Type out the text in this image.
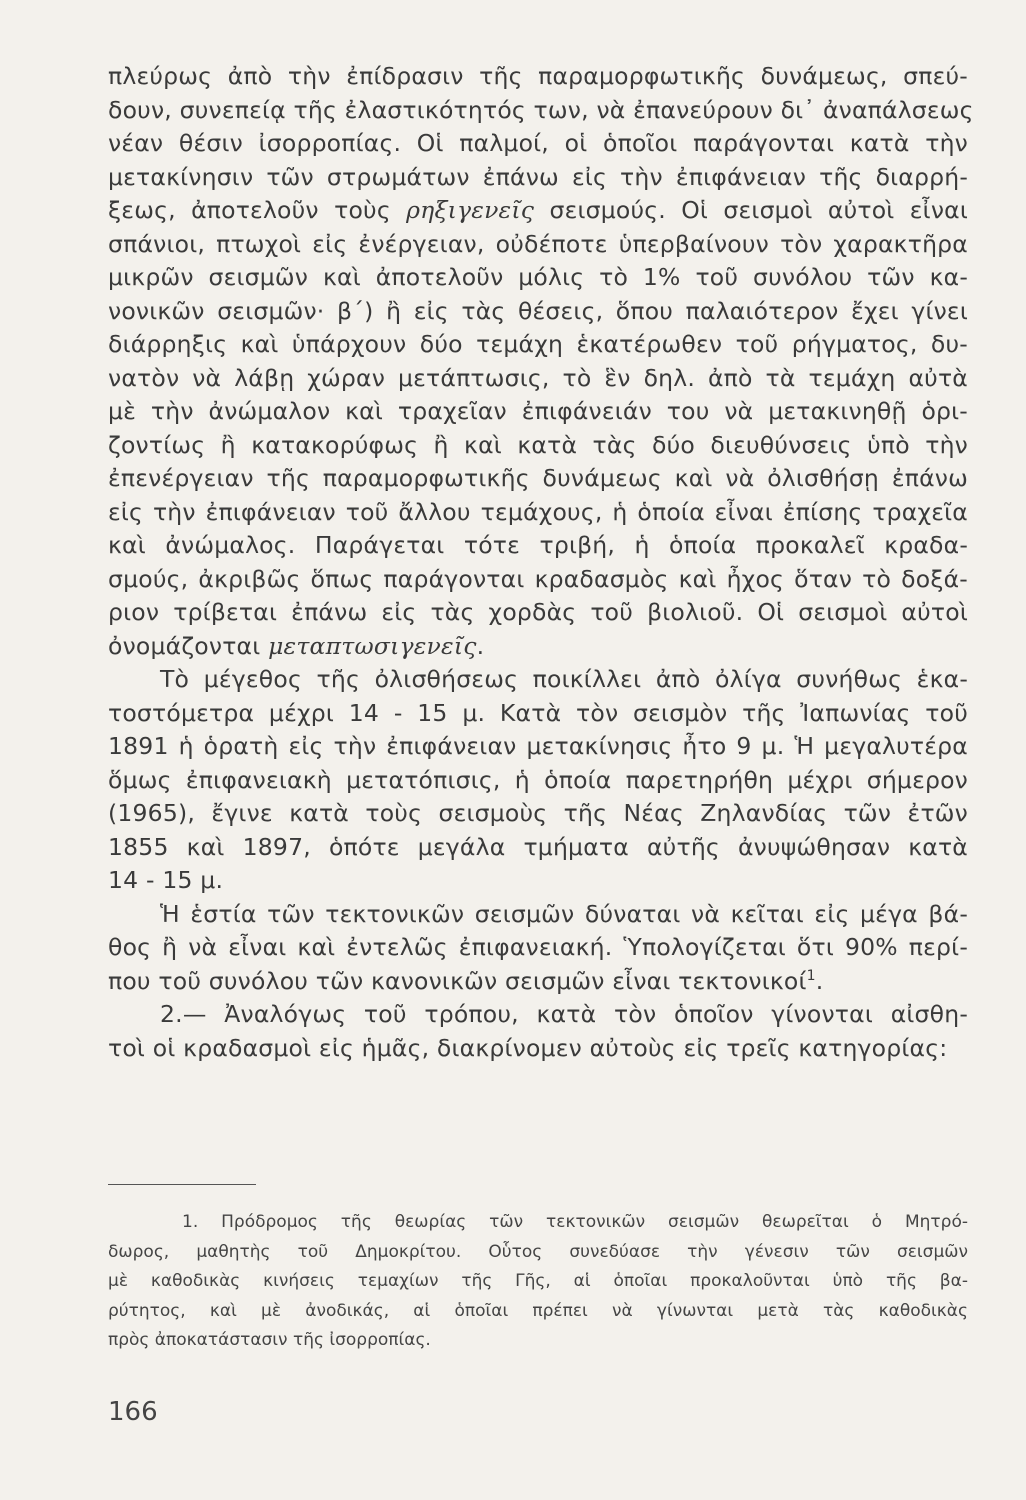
πλεύρως ἀπὸ τὴν ἐπίδρασιν τῆς παραμορφωτικῆς δυνάμεως, σπεύ-
δουν, συνεπείᾳ τῆς ἐλαστικότητός των, νὰ ἐπανεύρουν δι᾽ ἀναπάλσεως
νέαν θέσιν ἰσορροπίας. Οἱ παλμοί, οἱ ὁποῖοι παράγονται κατὰ τὴν
μετακίνησιν τῶν στρωμάτων ἐπάνω εἰς τὴν ἐπιφάνειαν τῆς διαρρή-
ξεως, ἀποτελοῦν τοὺς ρηξιγενεῖς σεισμούς. Οἱ σεισμοὶ αὐτοὶ εἶναι
σπάνιοι, πτωχοὶ εἰς ἐνέργειαν, οὐδέποτε ὑπερβαίνουν τὸν χαρακτῆρα
μικρῶν σεισμῶν καὶ ἀποτελοῦν μόλις τὸ 1% τοῦ συνόλου τῶν κα-
νονικῶν σεισμῶν· β΄) ἢ εἰς τὰς θέσεις, ὅπου παλαιότερον ἔχει γίνει
διάρρηξις καὶ ὑπάρχουν δύο τεμάχη ἑκατέρωθεν τοῦ ρήγματος, δυ-
νατὸν νὰ λάβῃ χώραν μετάπτωσις, τὸ ἓν δηλ. ἀπὸ τὰ τεμάχη αὐτὰ
μὲ τὴν ἀνώμαλον καὶ τραχεῖαν ἐπιφάνειάν του νὰ μετακινηθῇ ὁρι-
ζοντίως ἢ κατακορύφως ἢ καὶ κατὰ τὰς δύο διευθύνσεις ὑπὸ τὴν
ἐπενέργειαν τῆς παραμορφωτικῆς δυνάμεως καὶ νὰ ὀλισθήσῃ ἐπάνω
εἰς τὴν ἐπιφάνειαν τοῦ ἄλλου τεμάχους, ἡ ὁποία εἶναι ἐπίσης τραχεῖα
καὶ ἀνώμαλος. Παράγεται τότε τριβή, ἡ ὁποία προκαλεῖ κραδα-
σμούς, ἀκριβῶς ὅπως παράγονται κραδασμὸς καὶ ἦχος ὅταν τὸ δοξά-
ριον τρίβεται ἐπάνω εἰς τὰς χορδὰς τοῦ βιολιοῦ. Οἱ σεισμοὶ αὐτοὶ
ὀνομάζονται μεταπτωσιγενεῖς.
Τὸ μέγεθος τῆς ὀλισθήσεως ποικίλλει ἀπὸ ὀλίγα συνήθως ἑκα-
τοστόμετρα μέχρι 14 - 15 μ. Κατὰ τὸν σεισμὸν τῆς Ἰαπωνίας τοῦ
1891 ἡ ὁρατὴ εἰς τὴν ἐπιφάνειαν μετακίνησις ἦτο 9 μ. Ἡ μεγαλυτέρα
ὅμως ἐπιφανειακὴ μετατόπισις, ἡ ὁποία παρετηρήθη μέχρι σήμερον
(1965), ἔγινε κατὰ τοὺς σεισμοὺς τῆς Νέας Ζηλανδίας τῶν ἐτῶν
1855 καὶ 1897, ὁπότε μεγάλα τμήματα αὐτῆς ἀνυψώθησαν κατὰ
14 - 15 μ.
Ἡ ἑστία τῶν τεκτονικῶν σεισμῶν δύναται νὰ κεῖται εἰς μέγα βά-
θος ἢ νὰ εἶναι καὶ ἐντελῶς ἐπιφανειακή. Ὑπολογίζεται ὅτι 90% περί-
που τοῦ συνόλου τῶν κανονικῶν σεισμῶν εἶναι τεκτονικοί$^1$.
2.— Ἀναλόγως τοῦ τρόπου, κατὰ τὸν ὁποῖον γίνονται αἰσθη-
τοὶ οἱ κραδασμοὶ εἰς ἡμᾶς, διακρίνομεν αὐτοὺς εἰς τρεῖς κατηγορίας:
1. Πρόδρομος τῆς θεωρίας τῶν τεκτονικῶν σεισμῶν θεωρεῖται ὁ Μητρό-
δωρος, μαθητὴς τοῦ Δημοκρίτου. Οὗτος συνεδύασε τὴν γένεσιν τῶν σεισμῶν
μὲ καθοδικὰς κινήσεις τεμαχίων τῆς Γῆς, αἱ ὁποῖαι προκαλοῦνται ὑπὸ τῆς βα-
ρύτητος, καὶ μὲ ἀνοδικάς, αἱ ὁποῖαι πρέπει νὰ γίνωνται μετὰ τὰς καθοδικὰς
πρὸς ἀποκατάστασιν τῆς ἰσορροπίας.
166
